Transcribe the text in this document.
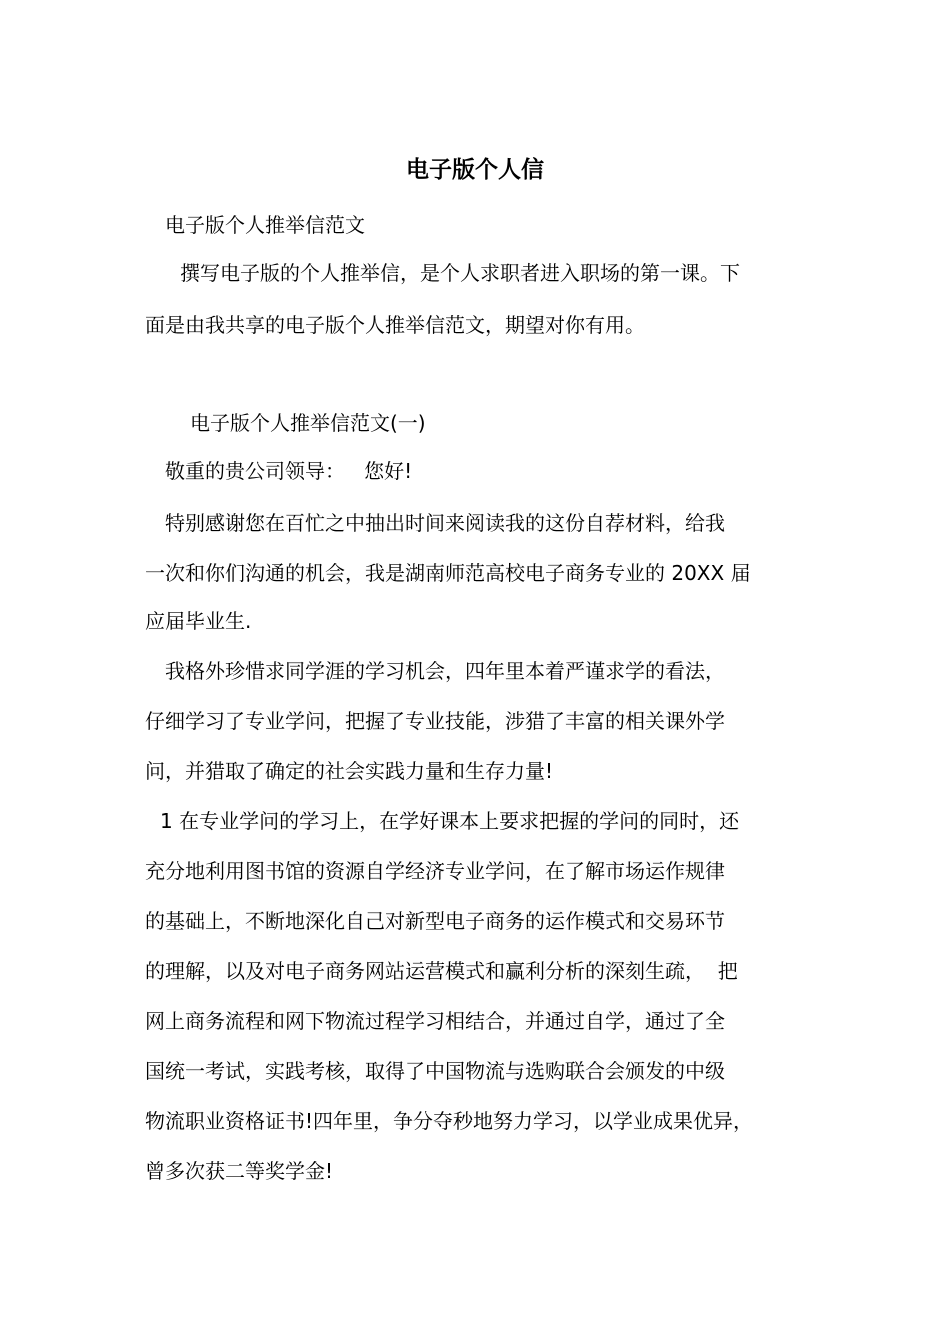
电子版个人信
电子版个人推举信范文
撰写电子版的个人推举信，是个人求职者进入职场的第一课。下
面是由我共享的电子版个人推举信范文，期望对你有用。
电子版个人推举信范文(一)
敬重的贵公司领导：   您好!
特别感谢您在百忙之中抽出时间来阅读我的这份自荐材料，给我
一次和你们沟通的机会，我是湖南师范高校电子商务专业的 20XX 届
应届毕业生.
我格外珍惜求同学涯的学习机会，四年里本着严谨求学的看法，
仔细学习了专业学问，把握了专业技能，涉猎了丰富的相关课外学
问，并猎取了确定的社会实践力量和生存力量!
1 在专业学问的学习上，在学好课本上要求把握的学问的同时，还
充分地利用图书馆的资源自学经济专业学问，在了解市场运作规律
的基础上，不断地深化自己对新型电子商务的运作模式和交易环节
的理解，以及对电子商务网站运营模式和赢利分析的深刻生疏，  把
网上商务流程和网下物流过程学习相结合，并通过自学，通过了全
国统一考试，实践考核，取得了中国物流与选购联合会颁发的中级
物流职业资格证书!四年里，争分夺秒地努力学习，以学业成果优异，
曾多次获二等奖学金!
